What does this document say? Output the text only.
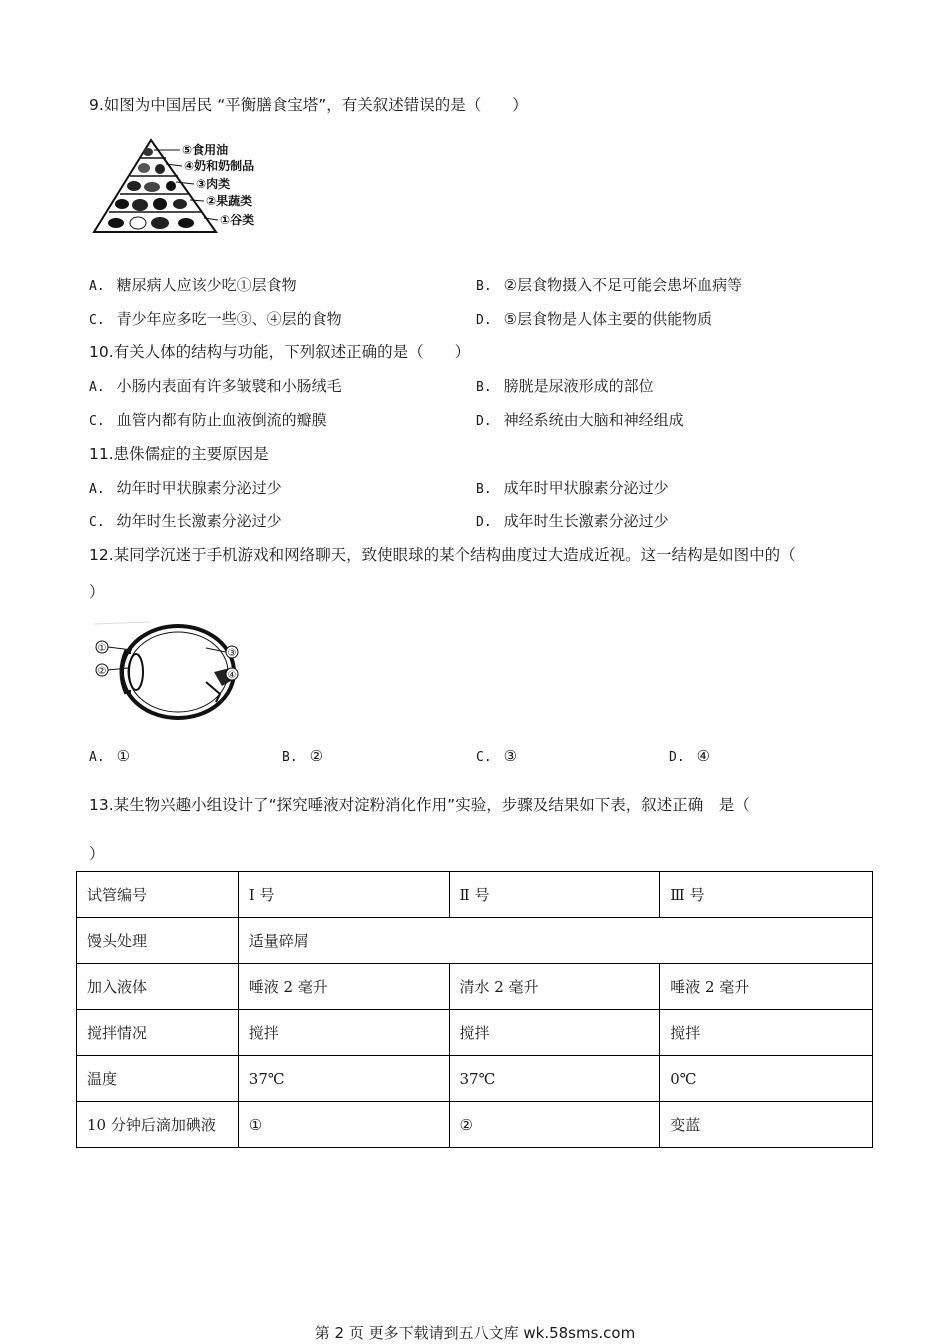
9.如图为中国居民 “平衡膳食宝塔”，有关叙述错误的是（　　）
⑤食用油
④奶和奶制品
③肉类
②果蔬类
①谷类
A. 糖尿病人应该少吃①层食物	B. ②层食物摄入不足可能会患坏血病等
C. 青少年应多吃一些③、④层的食物	D. ⑤层食物是人体主要的供能物质
10.有关人体的结构与功能，下列叙述正确的是（　　）
A. 小肠内表面有许多皱襞和小肠绒毛	B. 膀胱是尿液形成的部位
C. 血管内都有防止血液倒流的瓣膜	D. 神经系统由大脑和神经组成
11.患侏儒症的主要原因是
A. 幼年时甲状腺素分泌过少	B. 成年时甲状腺素分泌过少
C. 幼年时生长激素分泌过少	D. 成年时生长激素分泌过少
12.某同学沉迷于手机游戏和网络聊天，致使眼球的某个结构曲度过大造成近视。这一结构是如图中的（
）
①
②
③
④
A. ①	B. ②	C. ③	D. ④
13.某生物兴趣小组设计了“探究唾液对淀粉消化作用”实验，步骤及结果如下表，叙述正确　是（
）
试管编号	Ⅰ 号	Ⅱ 号	Ⅲ 号
馒头处理	适量碎屑		
加入液体	唾液 2 毫升	清水 2 毫升	唾液 2 毫升
搅拌情况	搅拌	搅拌	搅拌
温度	37℃	37℃	0℃
10 分钟后滴加碘液	①	②	变蓝
第 2 页 更多下载请到五八文库 wk.58sms.com
